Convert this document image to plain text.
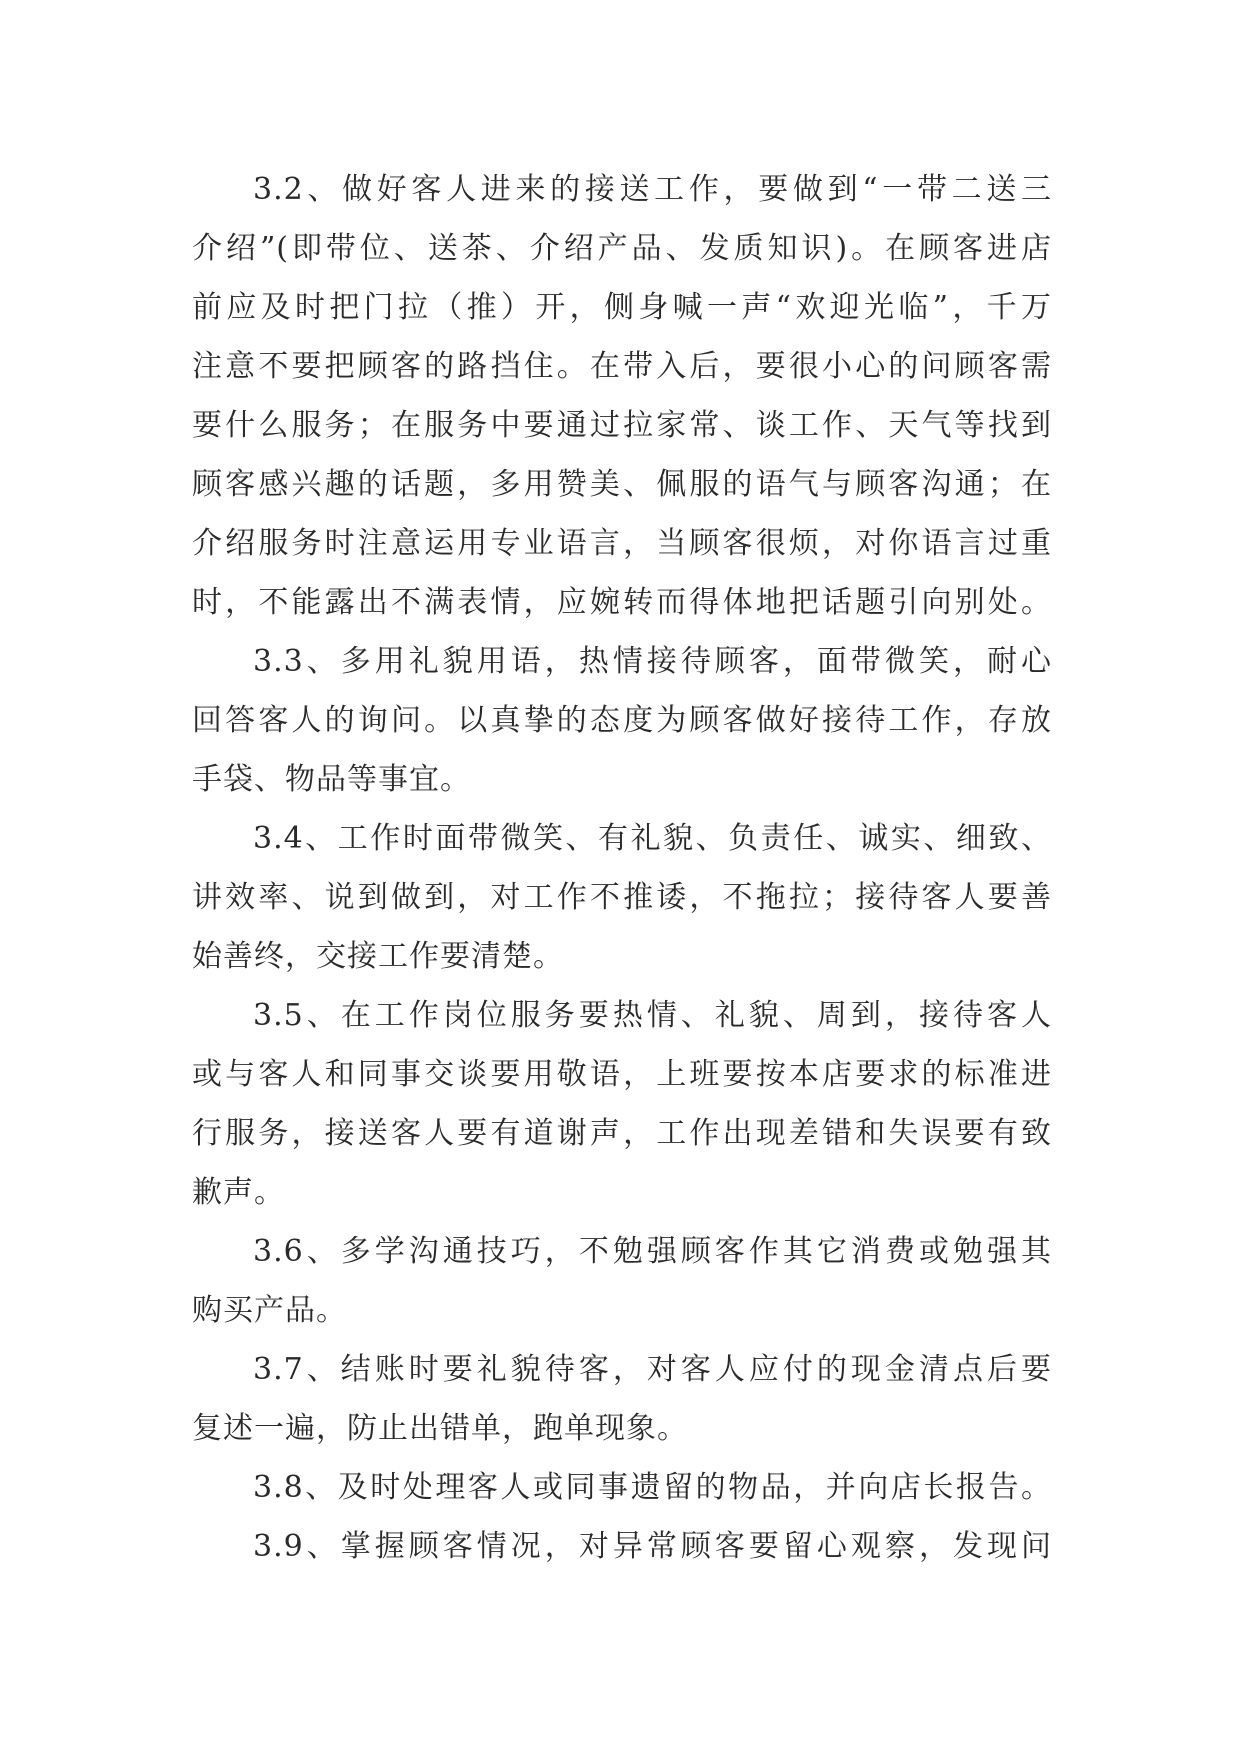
3.2、做好客人进来的接送工作，要做到“一带二送三
介绍”(即带位、送茶、介绍产品、发质知识)。在顾客进店
前应及时把门拉（推）开，侧身喊一声“欢迎光临”，千万
注意不要把顾客的路挡住。在带入后，要很小心的问顾客需
要什么服务；在服务中要通过拉家常、谈工作、天气等找到
顾客感兴趣的话题，多用赞美、佩服的语气与顾客沟通；在
介绍服务时注意运用专业语言，当顾客很烦，对你语言过重
时，不能露出不满表情，应婉转而得体地把话题引向别处。
3.3、多用礼貌用语，热情接待顾客，面带微笑，耐心
回答客人的询问。以真挚的态度为顾客做好接待工作，存放
手袋、物品等事宜。
3.4、工作时面带微笑、有礼貌、负责任、诚实、细致、
讲效率、说到做到，对工作不推诿，不拖拉；接待客人要善
始善终，交接工作要清楚。
3.5、在工作岗位服务要热情、礼貌、周到，接待客人
或与客人和同事交谈要用敬语，上班要按本店要求的标准进
行服务，接送客人要有道谢声，工作出现差错和失误要有致
歉声。
3.6、多学沟通技巧，不勉强顾客作其它消费或勉强其
购买产品。
3.7、结账时要礼貌待客，对客人应付的现金清点后要
复述一遍，防止出错单，跑单现象。
3.8、及时处理客人或同事遗留的物品，并向店长报告。
3.9、掌握顾客情况，对异常顾客要留心观察，发现问
